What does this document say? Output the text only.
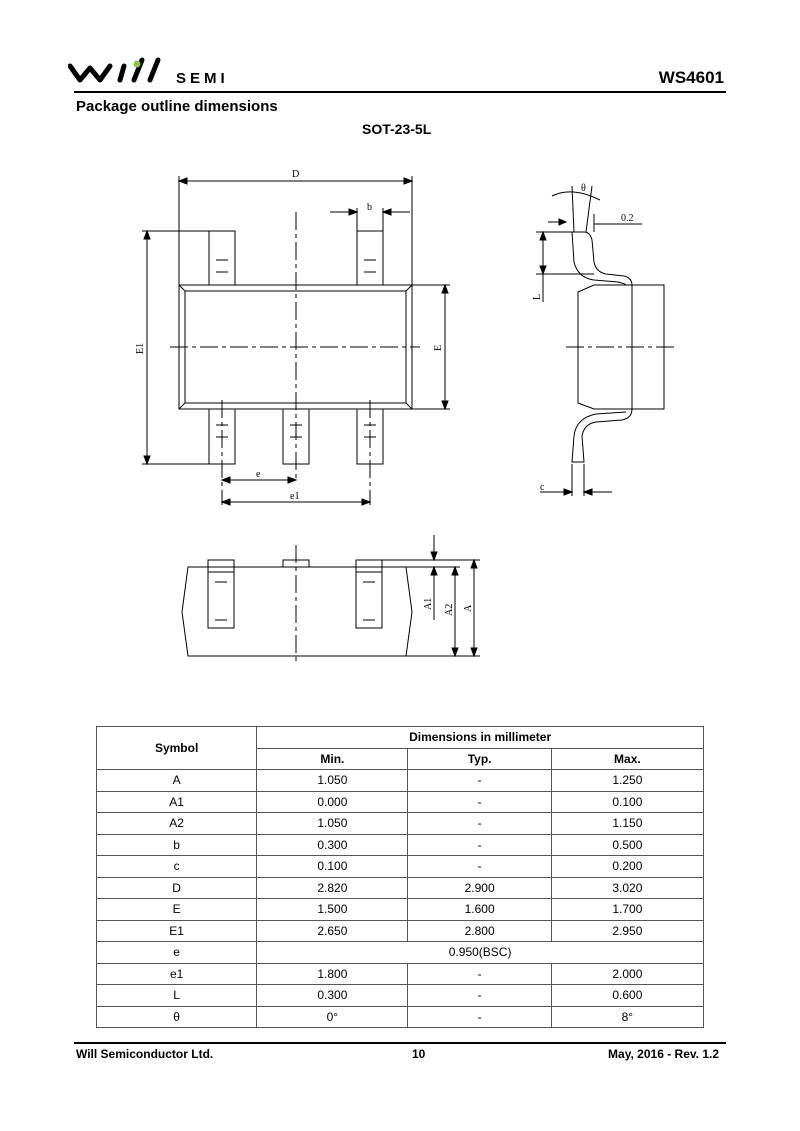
SEMI	WS4601
Package outline dimensions
SOT-23-5L
D
b
E1	E
e
e1
θ
0.2
L
c
A1 A2 A
Symbol	Dimensions in millimeter		
	Min.	Typ.	Max.
A	1.050	-	1.250
A1	0.000	-	0.100
A2	1.050	-	1.150
b	0.300	-	0.500
c	0.100	-	0.200
D	2.820	2.900	3.020
E	1.500	1.600	1.700
E1	2.650	2.800	2.950
e	0.950(BSC)		
e1	1.800	-	2.000
L	0.300	-	0.600
θ	0°	-	8°
Will Semiconductor Ltd.	10	May, 2016 - Rev. 1.2
